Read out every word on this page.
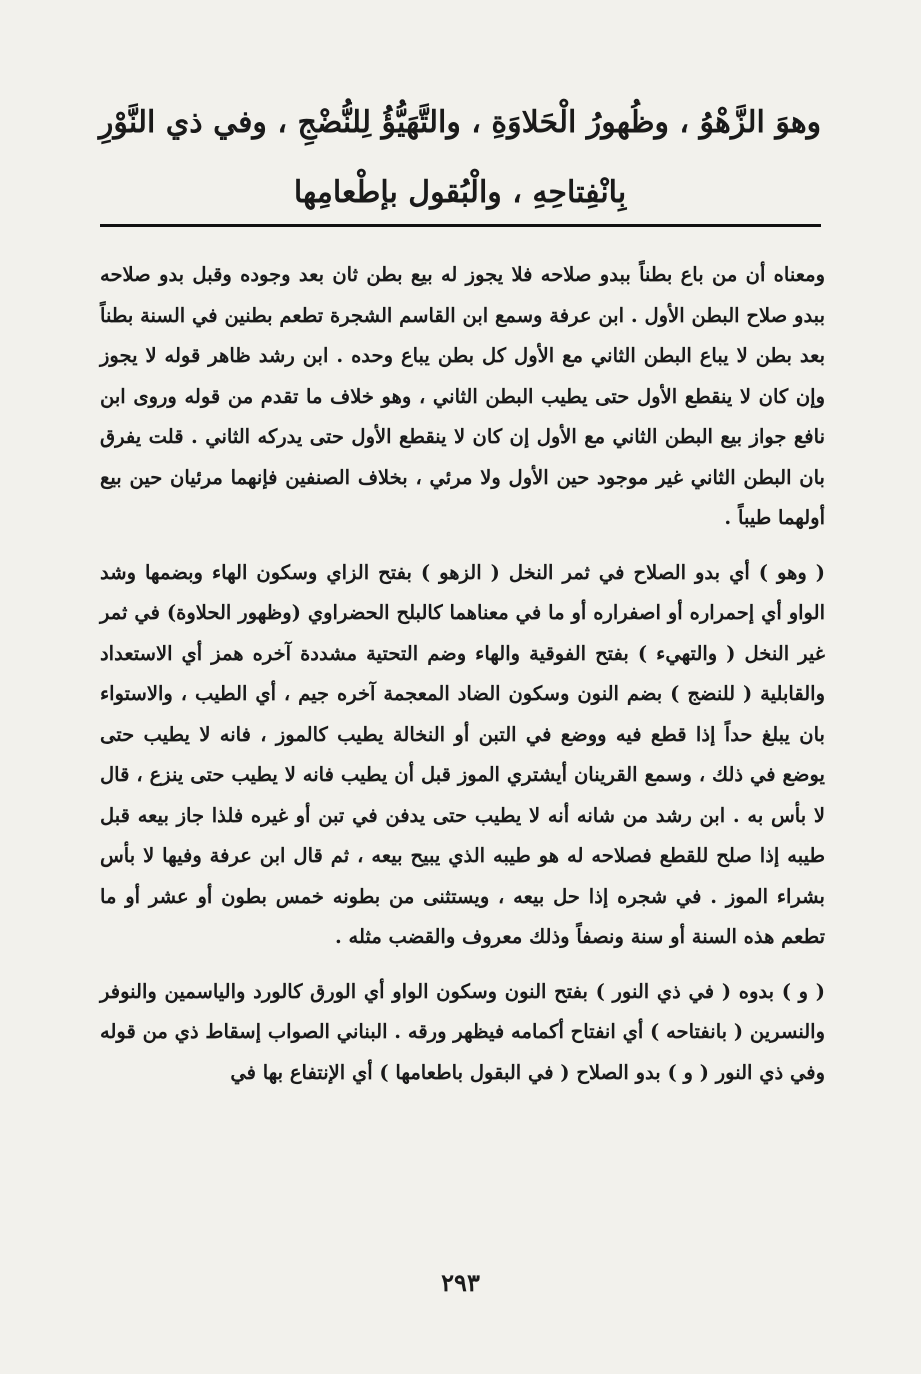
وهوَ الزَّهْوُ ، وظُهورُ الْحَلاوَةِ ، والتَّهَيُّؤُ لِلنُّضْجِ ، وفي ذي النَّوْرِ
بِانْفِتاحِهِ ، والْبُقول بإطْعامِها

ومعناه أن من باع بطناً ببدو صلاحه فلا يجوز له بيع بطن ثان بعد وجوده وقبل بدو صلاحه ببدو صلاح البطن الأول . ابن عرفة وسمع ابن القاسم الشجرة تطعم بطنين في السنة بطناً بعد بطن لا يباع البطن الثاني مع الأول كل بطن يباع وحده . ابن رشد ظاهر قوله لا يجوز وإن كان لا ينقطع الأول حتى يطيب البطن الثاني ، وهو خلاف ما تقدم من قوله وروى ابن نافع جواز بيع البطن الثاني مع الأول إن كان لا ينقطع الأول حتى يدركه الثاني . قلت يفرق بان البطن الثاني غير موجود حين الأول ولا مرئي ، بخلاف الصنفين فإنهما مرئيان حين بيع أولهما طيباً .

( وهو ) أي بدو الصلاح في ثمر النخل ( الزهو ) بفتح الزاي وسكون الهاء وبضمها وشد الواو أي إحمراره أو اصفراره أو ما في معناهما كالبلح الحضراوي (وظهور الحلاوة) في ثمر غير النخل ( والتهيء ) بفتح الفوقية والهاء وضم التحتية مشددة آخره همز أي الاستعداد والقابلية ( للنضج ) بضم النون وسكون الضاد المعجمة آخره جيم ، أي الطيب ، والاستواء بان يبلغ حداً إذا قطع فيه ووضع في التبن أو النخالة يطيب كالموز ، فانه لا يطيب حتى يوضع في ذلك ، وسمع القرينان أيشتري الموز قبل أن يطيب فانه لا يطيب حتى ينزع ، قال لا بأس به . ابن رشد من شانه أنه لا يطيب حتى يدفن في تبن أو غيره فلذا جاز بيعه قبل طيبه إذا صلح للقطع فصلاحه له هو طيبه الذي يبيح بيعه ، ثم قال ابن عرفة وفيها لا بأس بشراء الموز . في شجره إذا حل بيعه ، ويستثنى من بطونه خمس بطون أو عشر أو ما تطعم هذه السنة أو سنة ونصفاً وذلك معروف والقضب مثله .

( و ) بدوه ( في ذي النور ) بفتح النون وسكون الواو أي الورق كالورد والياسمين والنوفر والنسرين ( بانفتاحه ) أي انفتاح أكمامه فيظهر ورقه . البناني الصواب إسقاط ذي من قوله وفي ذي النور ( و ) بدو الصلاح ( في البقول باطعامها ) أي الإنتفاع بها في

٢٩٣
